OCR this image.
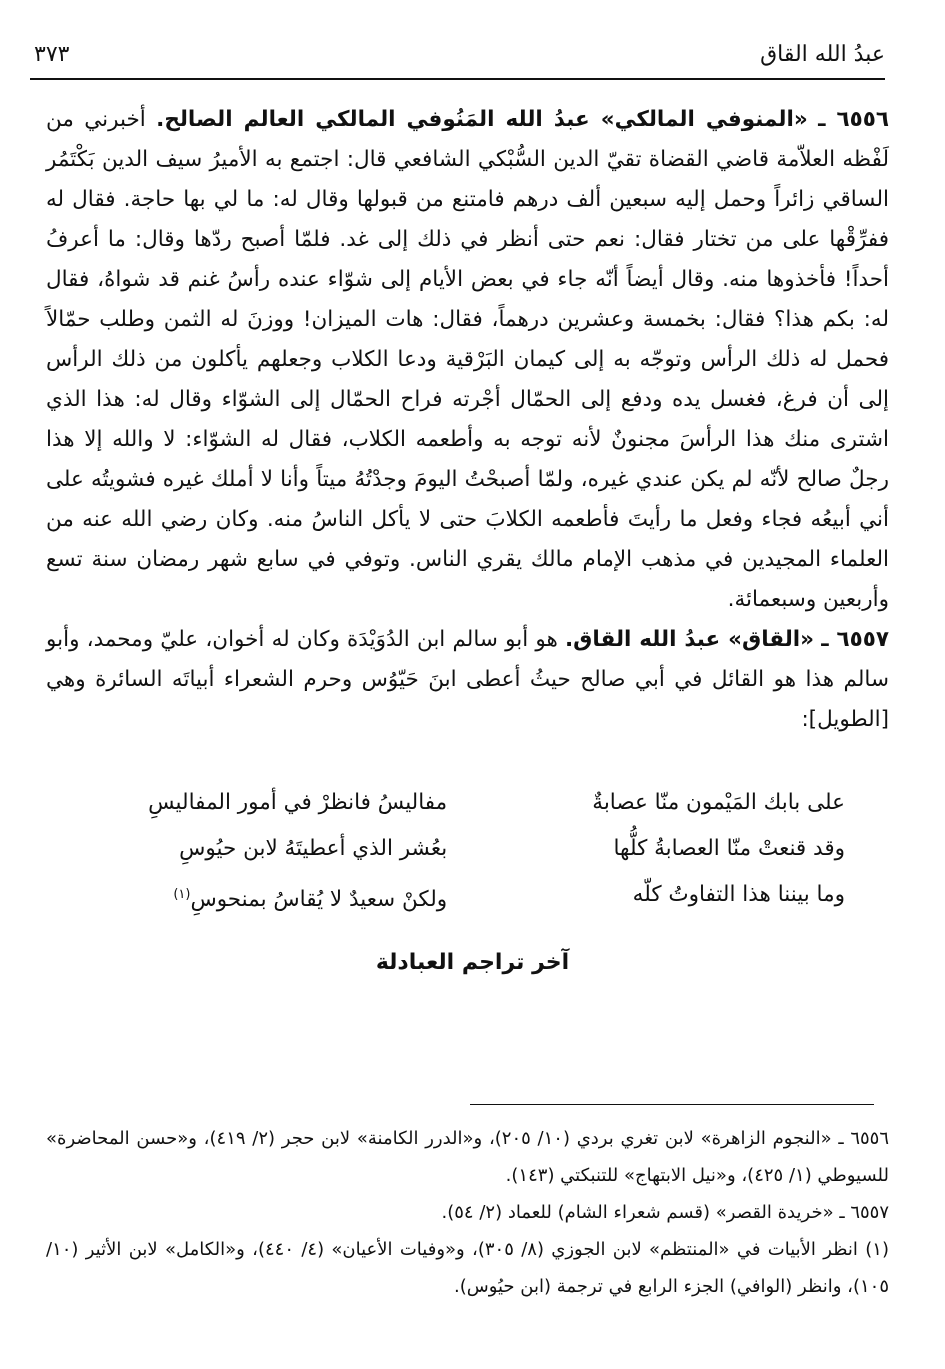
عبدُ الله القاق
٣٧٣

٦٥٥٦ ـ «المنوفي المالكي» عبدُ الله المَنُوفي المالكي العالم الصالح. أخبرني من لَفْظه العلاّمة قاضي القضاة تقيّ الدين السُّبْكي الشافعي قال: اجتمع به الأميرُ سيف الدين بَكْتَمُر الساقي زائراً وحمل إليه سبعين ألف درهم فامتنع من قبولها وقال له: ما لي بها حاجة. فقال له ففرِّقْها على من تختار فقال: نعم حتى أنظر في ذلك إلى غد. فلمّا أصبح ردّها وقال: ما أعرفُ أحداً! فأخذوها منه. وقال أيضاً أنّه جاء في بعض الأيام إلى شوّاء عنده رأسُ غنم قد شواهُ، فقال له: بكم هذا؟ فقال: بخمسة وعشرين درهماً، فقال: هات الميزان! ووزنَ له الثمن وطلب حمّالاً فحمل له ذلك الرأس وتوجّه به إلى كيمان البَرْقية ودعا الكلاب وجعلهم يأكلون من ذلك الرأس إلى أن فرغ، فغسل يده ودفع إلى الحمّال أجْرته فراح الحمّال إلى الشوّاء وقال له: هذا الذي اشترى منك هذا الرأسَ مجنونٌ لأنه توجه به وأطعمه الكلاب، فقال له الشوّاء: لا والله إلا هذا رجلٌ صالح لأنّه لم يكن عندي غيره، ولمّا أصبحْتُ اليومَ وجدْتُهُ ميتاً وأنا لا أملك غيره فشويتُه على أني أبيعُه فجاء وفعل ما رأيتَ فأطعمه الكلابَ حتى لا يأكل الناسُ منه. وكان رضي الله عنه من العلماء المجيدين في مذهب الإمام مالك يقري الناس. وتوفي في سابع شهر رمضان سنة تسع وأربعين وسبعمائة.

٦٥٥٧ ـ «القاق» عبدُ الله القاق. هو أبو سالم ابن الدُوَيْدَة وكان له أخوان، عليّ ومحمد، وأبو سالم هذا هو القائل في أبي صالح حيثُ أعطى ابنَ حَيّوُس وحرم الشعراء أبياتَه السائرة وهي [الطويل]:

على بابك المَيْمون منّا عصابةٌ
مفاليسُ فانظرْ في أمور المفاليسِ
وقد قنعتْ منّا العصابةُ كلُّها
بعُشر الذي أعطيتَهُ لابن حيُوسِ
وما بيننا هذا التفاوتُ كلّه
ولكنْ سعيدٌ لا يُقاسُ بمنحوسِ$^{(١)}$
آخر تراجم العبادلة

٦٥٥٦ ـ «النجوم الزاهرة» لابن تغري بردي (١٠/ ٢٠٥)، و«الدرر الكامنة» لابن حجر (٢/ ٤١٩)، و«حسن المحاضرة» للسيوطي (١/ ٤٢٥)، و«نيل الابتهاج» للتنبكتي (١٤٣).

٦٥٥٧ ـ «خريدة القصر» (قسم شعراء الشام) للعماد (٢/ ٥٤).

(١) انظر الأبيات في «المنتظم» لابن الجوزي (٨/ ٣٠٥)، و«وفيات الأعيان» (٤/ ٤٤٠)، و«الكامل» لابن الأثير (١٠/ ١٠٥)، وانظر (الوافي) الجزء الرابع في ترجمة (ابن حيُوس).
